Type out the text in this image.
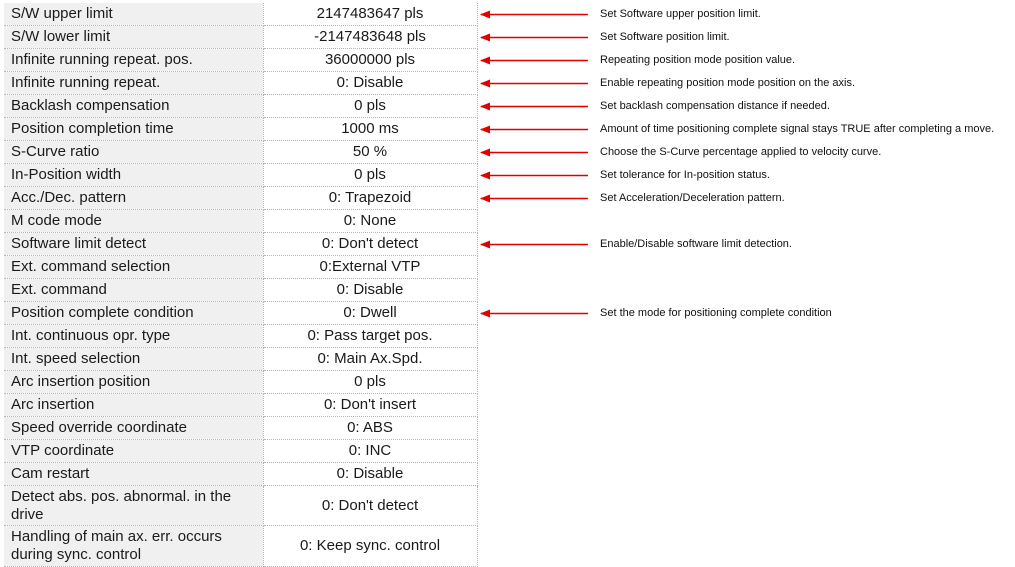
S/W upper limit	2147483647 pls
S/W lower limit	-2147483648 pls
Infinite running repeat. pos.	36000000 pls
Infinite running repeat.	0: Disable
Backlash compensation	0 pls
Position completion time	1000 ms
S-Curve ratio	50 %
In-Position width	0 pls
Acc./Dec. pattern	0: Trapezoid
M code mode	0: None
Software limit detect	0: Don't detect
Ext. command selection	0:External VTP
Ext. command	0: Disable
Position complete condition	0: Dwell
Int. continuous opr. type	0: Pass target pos.
Int. speed selection	0: Main Ax.Spd.
Arc insertion position	0 pls
Arc insertion	0: Don't insert
Speed override coordinate	0: ABS
VTP coordinate	0: INC
Cam restart	0: Disable
Detect abs. pos. abnormal. in the drive	0: Don't detect
Handling of main ax. err. occurs during sync. control	0: Keep sync. control
Set Software upper position limit.
Set Software position limit.
Repeating position mode position value.
Enable repeating position mode position on the axis.
Set backlash compensation distance if needed.
Amount of time positioning complete signal stays TRUE after completing a move.
Choose the S-Curve percentage applied to velocity curve.
Set tolerance for In-position status.
Set Acceleration/Deceleration pattern.
Enable/Disable software limit detection.
Set the mode for positioning complete condition
